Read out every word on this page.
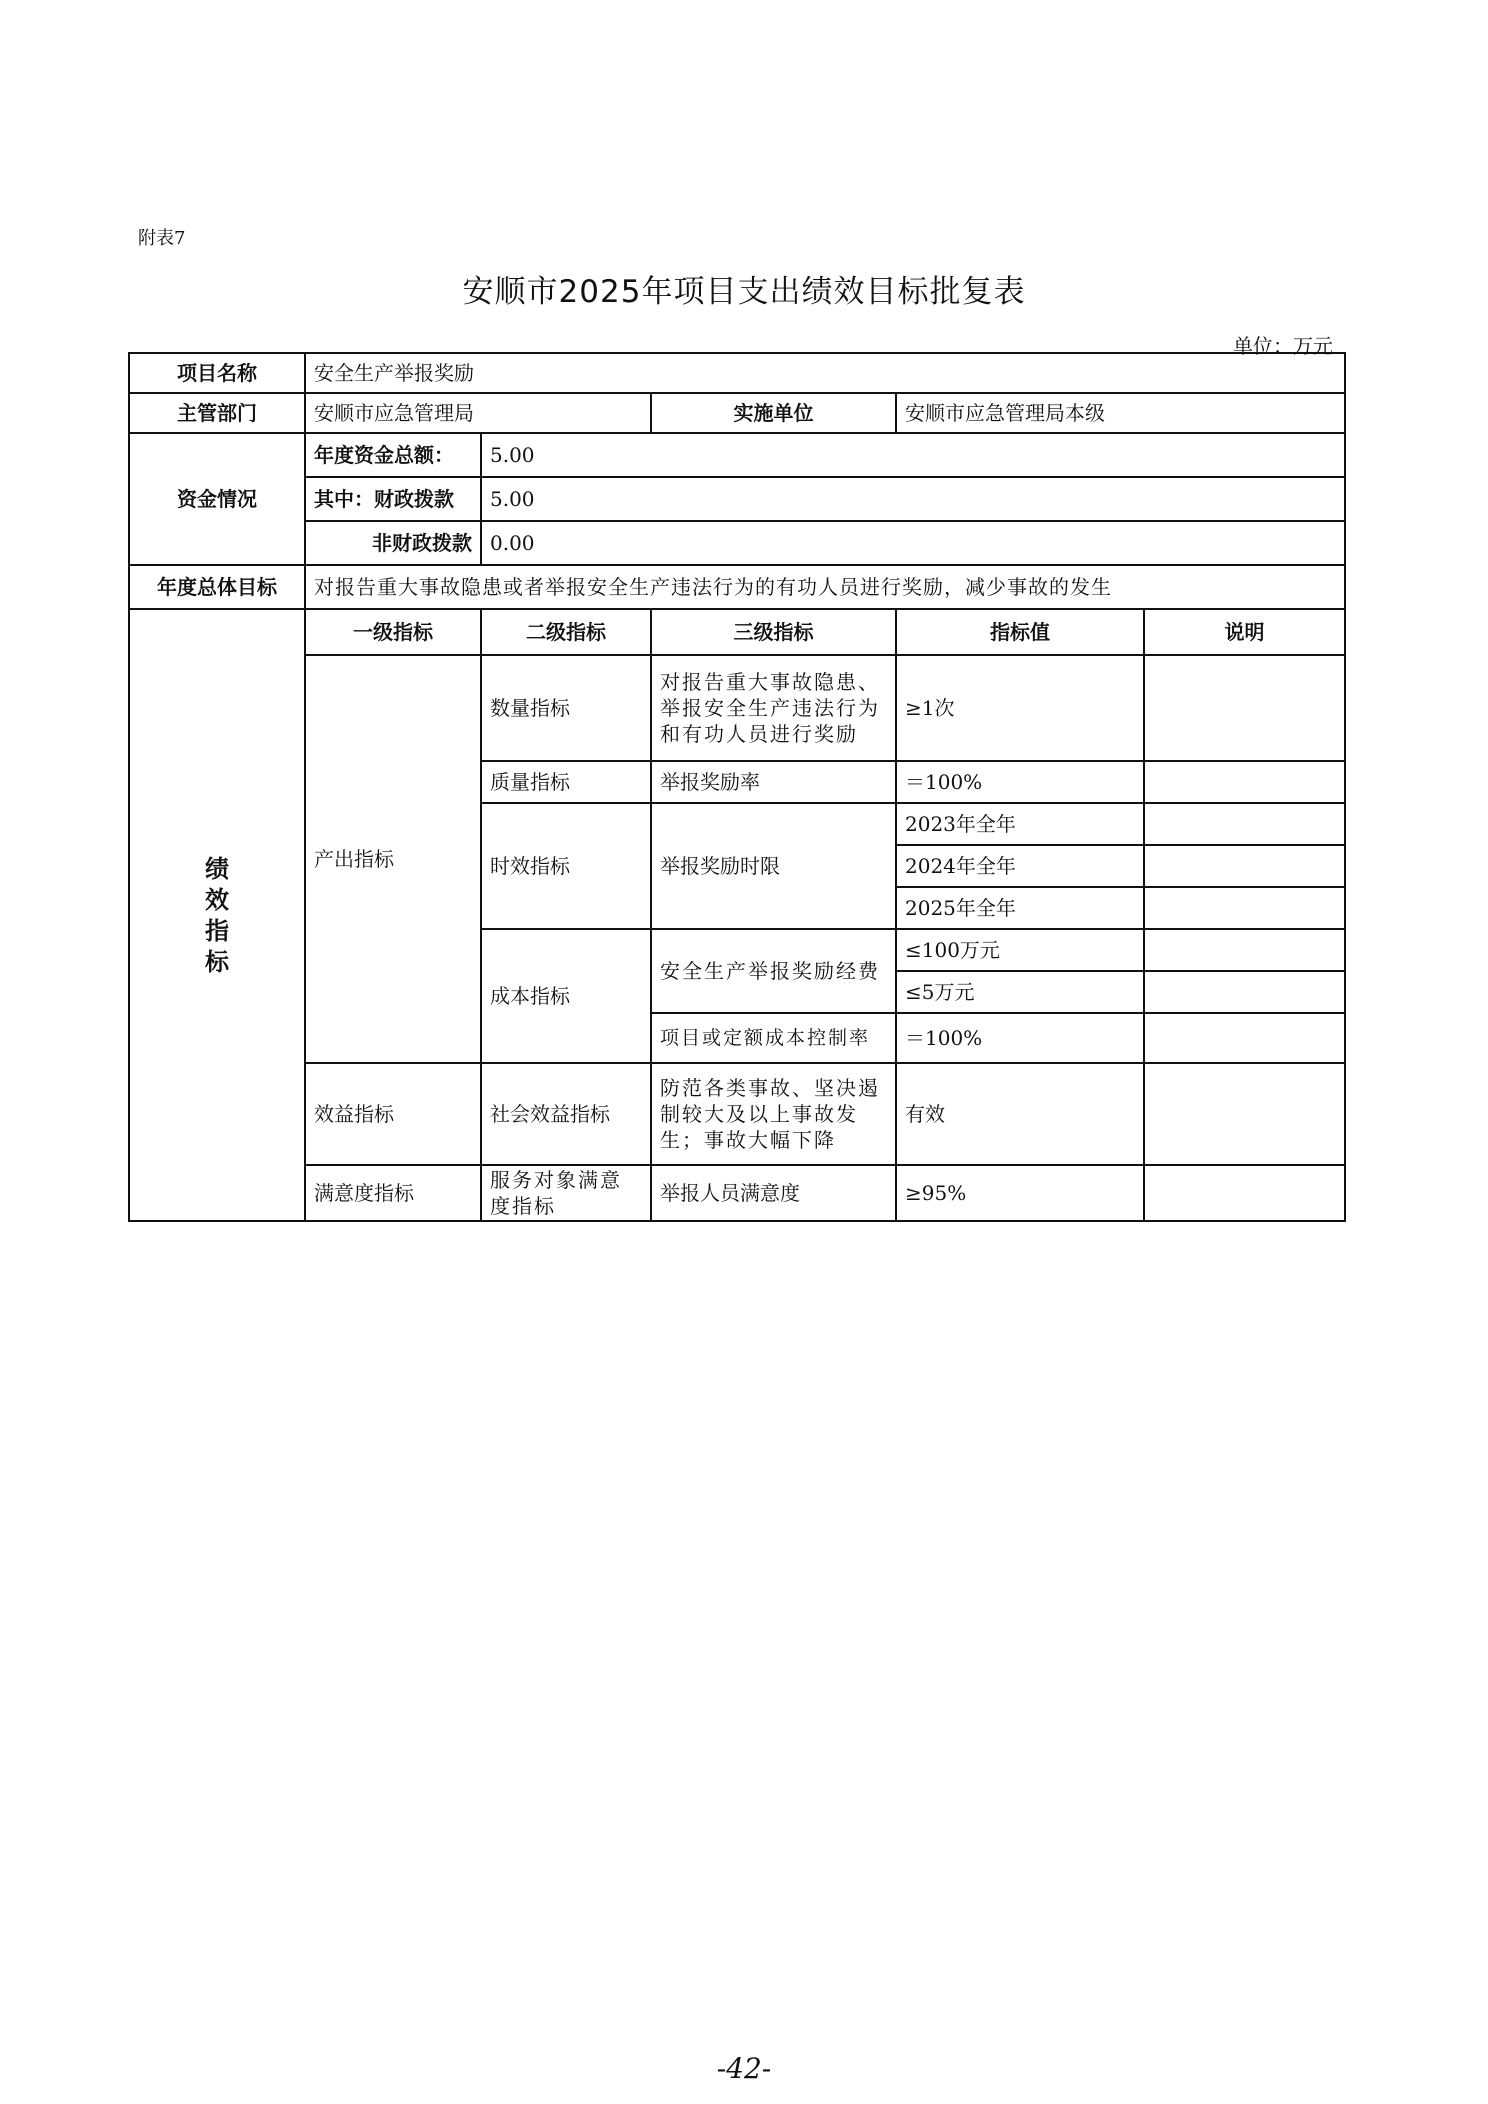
附表7
安顺市2025年项目支出绩效目标批复表
单位：万元
项目名称	安全生产举报奖励				
主管部门	安顺市应急管理局		实施单位	安顺市应急管理局本级	
资金情况	年度资金总额：	5.00			
	其中：财政拨款	5.00			
	非财政拨款	0.00			
年度总体目标	对报告重大事故隐患或者举报安全生产违法行为的有功人员进行奖励，减少事故的发生				

绩
效
指
标	一级指标	二级指标	三级指标	指标值	说明
	产出指标	数量指标	对报告重大事故隐患、举报安全生产违法行为和有功人员进行奖励	≥1次	
		质量指标	举报奖励率	＝100%	
		时效指标	举报奖励时限	2023年全年	
				2024年全年	
				2025年全年	
		成本指标	安全生产举报奖励经费	≤100万元	
				≤5万元	

			项目或定额成本控制率	＝100%	
	效益指标	社会效益指标	防范各类事故、坚决遏制较大及以上事故发生；事故大幅下降	有效	
	满意度指标	服务对象满意度指标	举报人员满意度	≥95%	
-42-
